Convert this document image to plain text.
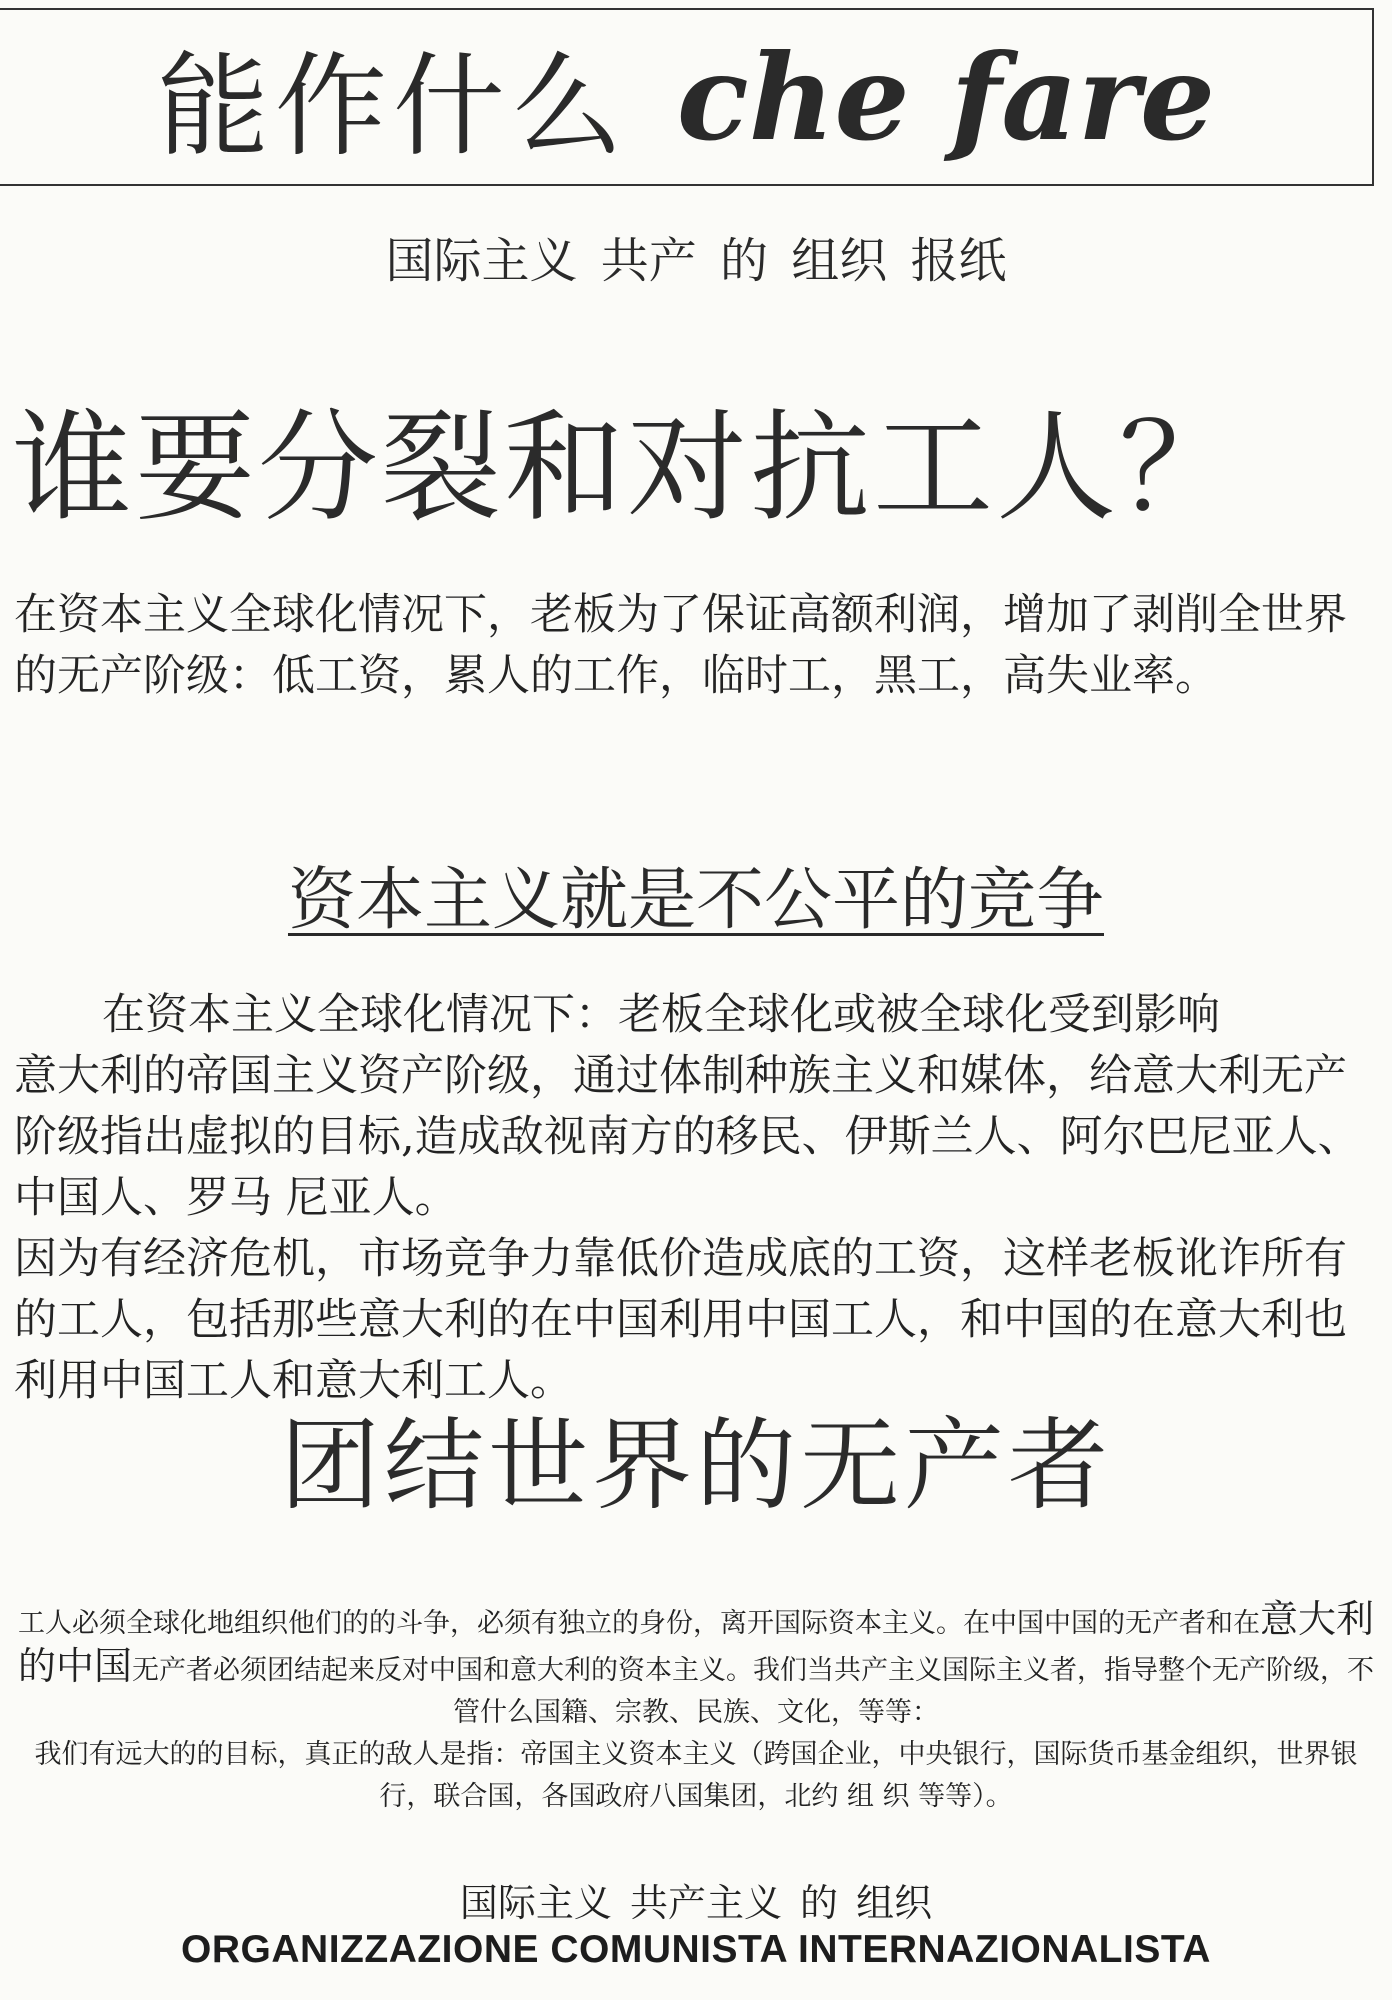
能作什么 che fare
国际主义 共产 的 组织 报纸
谁要分裂和对抗工人？
在资本主义全球化情况下，老板为了保证高额利润，增加了剥削全世界的无产阶级：低工资，累人的工作，临时工，黑工，高失业率。
资本主义就是不公平的竞争
在资本主义全球化情况下：老板全球化或被全球化受到影响
意大利的帝国主义资产阶级，通过体制种族主义和媒体，给意大利无产阶级指出虚拟的目标,造成敌视南方的移民、伊斯兰人、阿尔巴尼亚人、中国人、罗马 尼亚人。
因为有经济危机，市场竞争力靠低价造成底的工资，这样老板讹诈所有的工人，包括那些意大利的在中国利用中国工人，和中国的在意大利也利用中国工人和意大利工人。
团结世界的无产者
工人必须全球化地组织他们的的斗争，必须有独立的身份，离开国际资本主义。在中国中国的无产者和在意大利的中国无产者必须团结起来反对中国和意大利的资本主义。我们当共产主义国际主义者，指导整个无产阶级，不管什么国籍、宗教、民族、文化，等等：
我们有远大的的目标，真正的敌人是指：帝国主义资本主义（跨国企业，中央银行，国际货币基金组织，世界银行，联合国，各国政府八国集团，北约 组 织 等等）。
国际主义 共产主义 的 组织
ORGANIZZAZIONE COMUNISTA INTERNAZIONALISTA
